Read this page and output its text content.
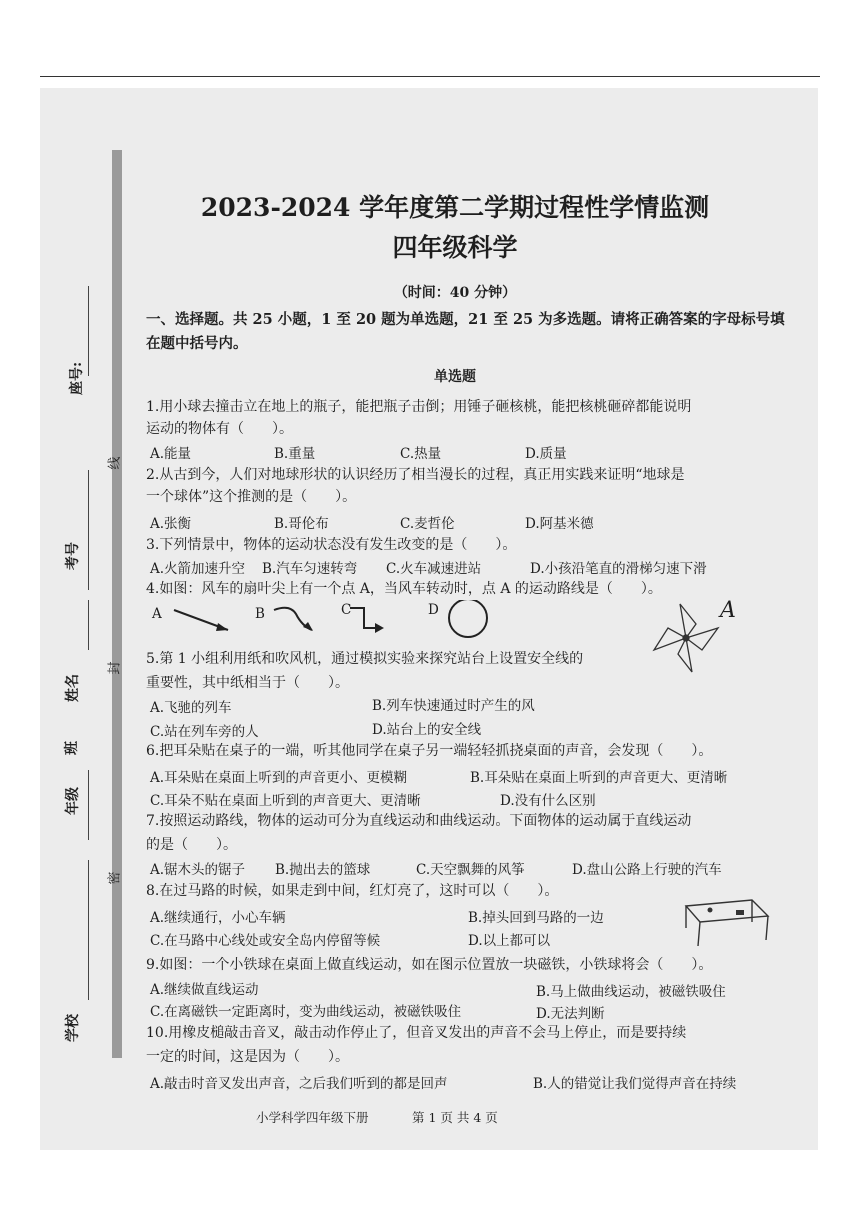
座号:
考号
姓名
班
年级
学校
线
封
密
2023-2024 学年度第二学期过程性学情监测
四年级科学
（时间：40 分钟）
一、选择题。共 25 小题，1 至 20 题为单选题，21 至 25 为多选题。请将正确答案的字母标号填在题中括号内。
单选题
1.用小球去撞击立在地上的瓶子，能把瓶子击倒；用锤子砸核桃，能把核桃砸碎都能说明
运动的物体有（　　）。
A.能量	B.重量	C.热量	D.质量
2.从古到今，人们对地球形状的认识经历了相当漫长的过程，真正用实践来证明“地球是
一个球体”这个推测的是（　　）。
A.张衡	B.哥伦布	C.麦哲伦	D.阿基米德
3.下列情景中，物体的运动状态没有发生改变的是（　　）。
A.火箭加速升空 B.汽车匀速转弯 C.火车减速进站	D.小孩沿笔直的滑梯匀速下滑
4.如图：风车的扇叶尖上有一个点 A，当风车转动时，点 A 的运动路线是（　　）。
A	B	C	D	A
5.第 1 小组利用纸和吹风机，通过模拟实验来探究站台上设置安全线的
重要性，其中纸相当于（　　）。
A.飞驰的列车	B.列车快速通过时产生的风
C.站在列车旁的人	D.站台上的安全线
6.把耳朵贴在桌子的一端，听其他同学在桌子另一端轻轻抓挠桌面的声音，会发现（　　）。
A.耳朵贴在桌面上听到的声音更小、更模糊	B.耳朵贴在桌面上听到的声音更大、更清晰
C.耳朵不贴在桌面上听到的声音更大、更清晰	D.没有什么区别
7.按照运动路线，物体的运动可分为直线运动和曲线运动。下面物体的运动属于直线运动
的是（　　）。
A.锯木头的锯子 B.抛出去的篮球	C.天空飘舞的风筝	D.盘山公路上行驶的汽车
8.在过马路的时候，如果走到中间，红灯亮了，这时可以（　　）。
A.继续通行，小心车辆	B.掉头回到马路的一边
C.在马路中心线处或安全岛内停留等候	D.以上都可以
9.如图：一个小铁球在桌面上做直线运动，如在图示位置放一块磁铁，小铁球将会（　　）。
A.继续做直线运动	B.马上做曲线运动，被磁铁吸住
C.在离磁铁一定距离时，变为曲线运动，被磁铁吸住	D.无法判断
10.用橡皮槌敲击音叉，敲击动作停止了，但音叉发出的声音不会马上停止，而是要持续
一定的时间，这是因为（　　）。
A.敲击时音叉发出声音，之后我们听到的都是回声	B.人的错觉让我们觉得声音在持续
小学科学四年级下册	第 1 页 共 4 页
